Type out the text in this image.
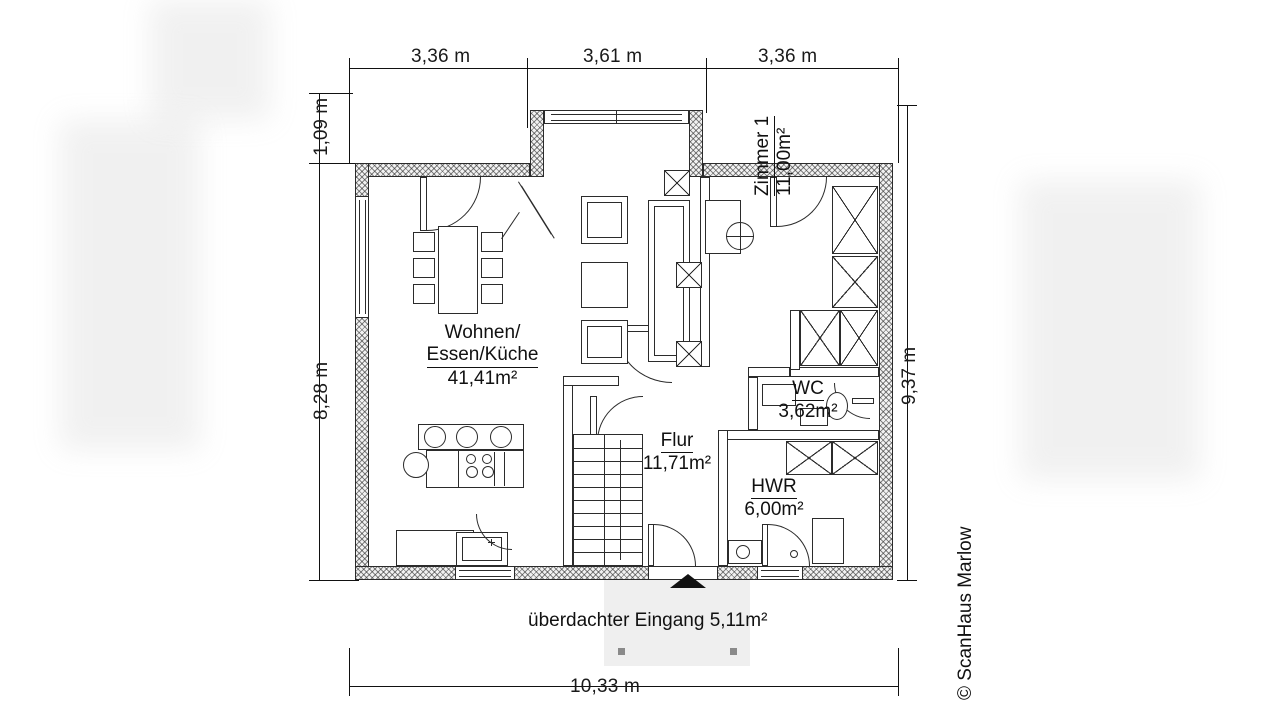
3,36 m	3,61 m	3,36 m
1,09 m
8,28 m	9,37 m
10,33 m
Wohnen/
Essen/Küche
41,41m²
Zimmer 1 11,00m²
WC
3,62m²
Flur
11,71m²
HWR
6,00m²
überdachter Eingang 5,11m²
© ScanHaus Marlow
